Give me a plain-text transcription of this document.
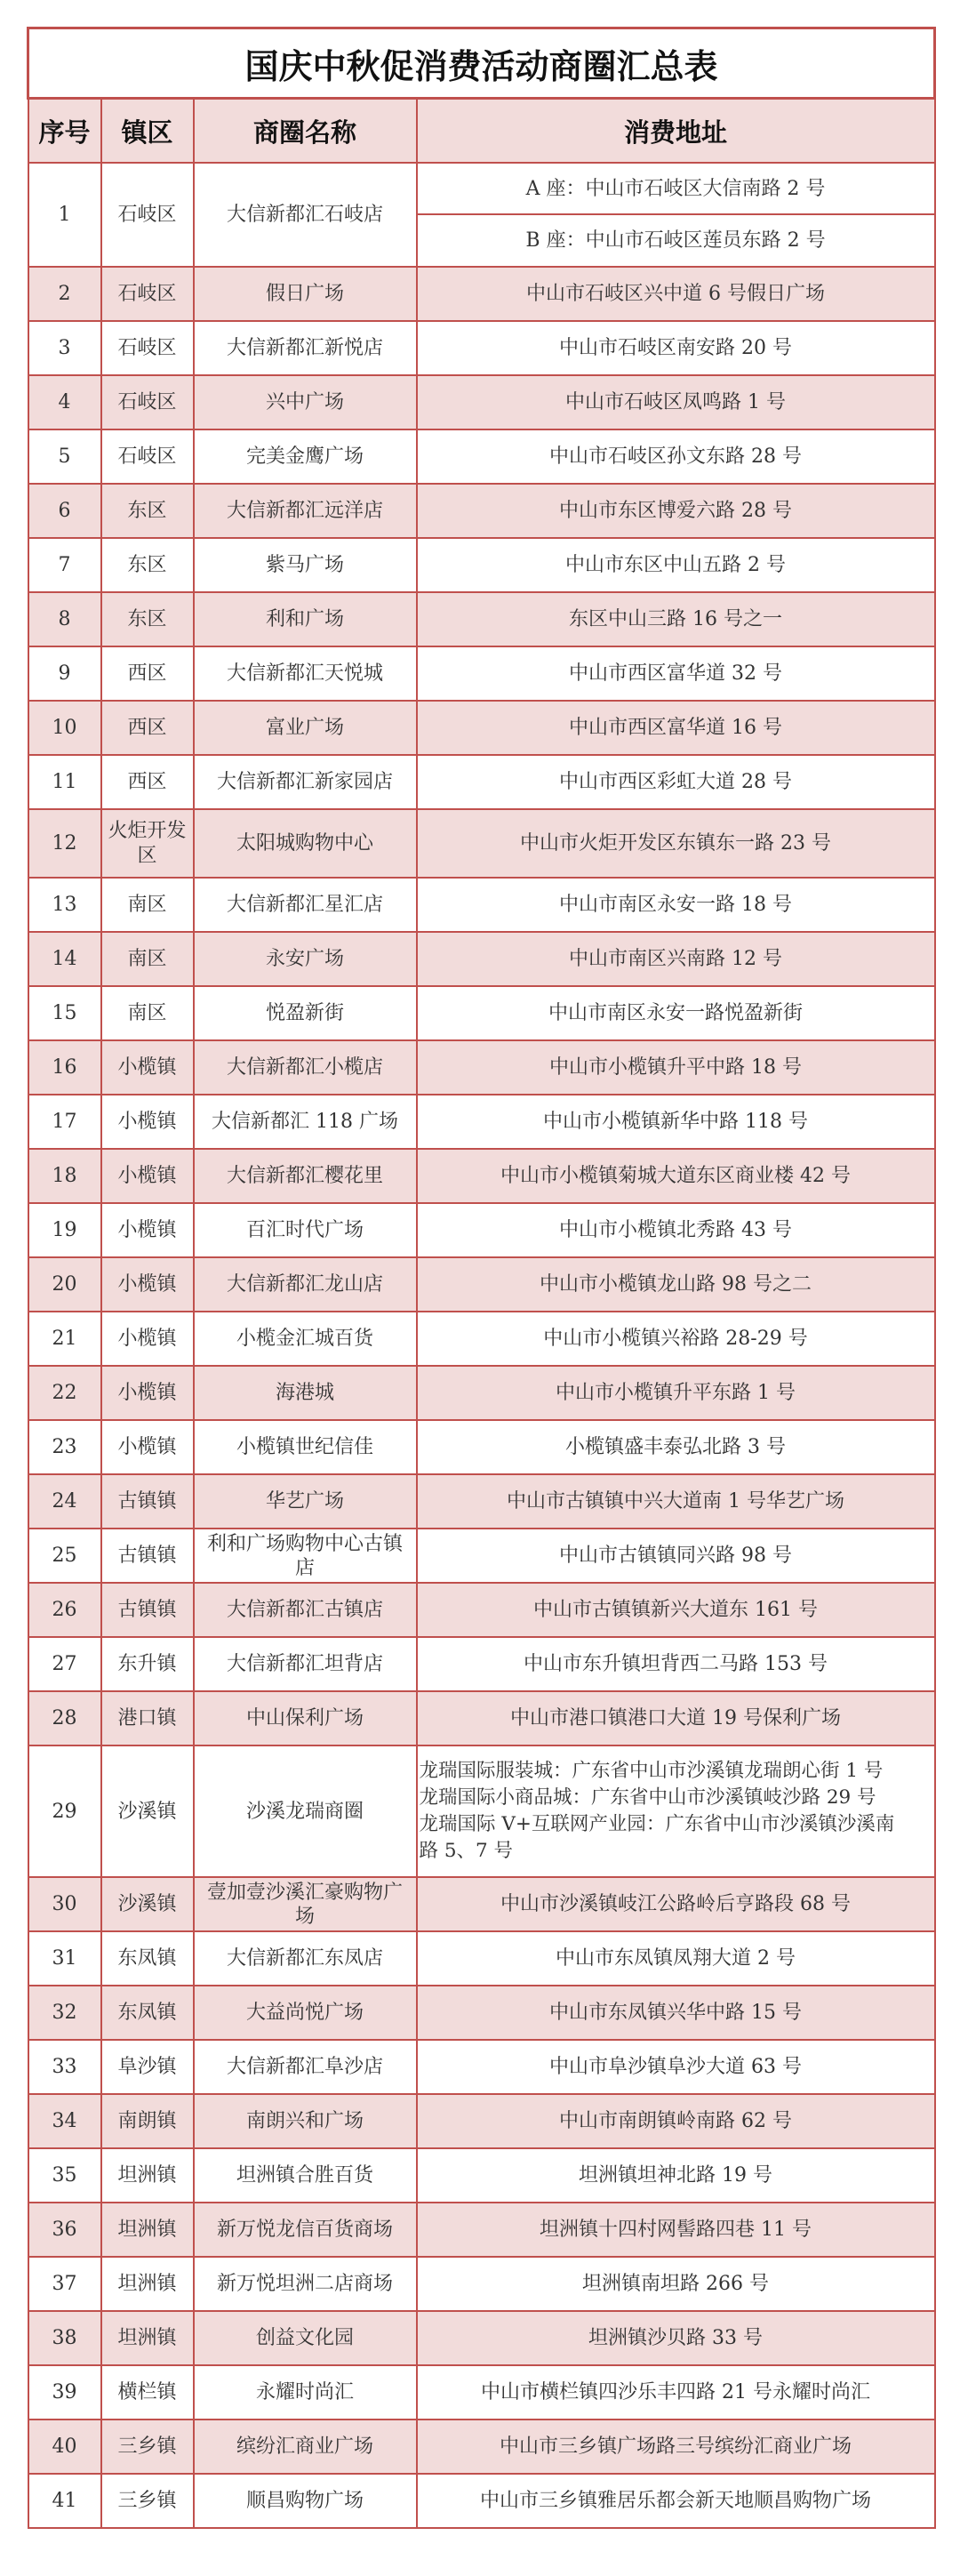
国庆中秋促消费活动商圈汇总表			
序号	镇区	商圈名称	消费地址
1	石岐区	大信新都汇石岐店	A 座：中山市石岐区大信南路 2 号
			B 座：中山市石岐区莲员东路 2 号
2	石岐区	假日广场	中山市石岐区兴中道 6 号假日广场
3	石岐区	大信新都汇新悦店	中山市石岐区南安路 20 号
4	石岐区	兴中广场	中山市石岐区凤鸣路 1 号
5	石岐区	完美金鹰广场	中山市石岐区孙文东路 28 号
6	东区	大信新都汇远洋店	中山市东区博爱六路 28 号
7	东区	紫马广场	中山市东区中山五路 2 号
8	东区	利和广场	东区中山三路 16 号之一
9	西区	大信新都汇天悦城	中山市西区富华道 32 号
10	西区	富业广场	中山市西区富华道 16 号
11	西区	大信新都汇新家园店	中山市西区彩虹大道 28 号
12	火炬开发区	太阳城购物中心	中山市火炬开发区东镇东一路 23 号
13	南区	大信新都汇星汇店	中山市南区永安一路 18 号
14	南区	永安广场	中山市南区兴南路 12 号
15	南区	悦盈新街	中山市南区永安一路悦盈新街
16	小榄镇	大信新都汇小榄店	中山市小榄镇升平中路 18 号
17	小榄镇	大信新都汇 118 广场	中山市小榄镇新华中路 118 号
18	小榄镇	大信新都汇樱花里	中山市小榄镇菊城大道东区商业楼 42 号
19	小榄镇	百汇时代广场	中山市小榄镇北秀路 43 号
20	小榄镇	大信新都汇龙山店	中山市小榄镇龙山路 98 号之二
21	小榄镇	小榄金汇城百货	中山市小榄镇兴裕路 28-29 号
22	小榄镇	海港城	中山市小榄镇升平东路 1 号
23	小榄镇	小榄镇世纪信佳	小榄镇盛丰泰弘北路 3 号
24	古镇镇	华艺广场	中山市古镇镇中兴大道南 1 号华艺广场
25	古镇镇	利和广场购物中心古镇店	中山市古镇镇同兴路 98 号
26	古镇镇	大信新都汇古镇店	中山市古镇镇新兴大道东 161 号
27	东升镇	大信新都汇坦背店	中山市东升镇坦背西二马路 153 号
28	港口镇	中山保利广场	中山市港口镇港口大道 19 号保利广场
29	沙溪镇	沙溪龙瑞商圈	龙瑞国际服装城：广东省中山市沙溪镇龙瑞朗心街 1 号
龙瑞国际小商品城：广东省中山市沙溪镇岐沙路 29 号
龙瑞国际 V+互联网产业园：广东省中山市沙溪镇沙溪南
路 5、7 号

30	沙溪镇	壹加壹沙溪汇豪购物广场	中山市沙溪镇岐江公路岭后亨路段 68 号
31	东凤镇	大信新都汇东凤店	中山市东凤镇凤翔大道 2 号
32	东凤镇	大益尚悦广场	中山市东凤镇兴华中路 15 号
33	阜沙镇	大信新都汇阜沙店	中山市阜沙镇阜沙大道 63 号
34	南朗镇	南朗兴和广场	中山市南朗镇岭南路 62 号
35	坦洲镇	坦洲镇合胜百货	坦洲镇坦神北路 19 号
36	坦洲镇	新万悦龙信百货商场	坦洲镇十四村网髻路四巷 11 号
37	坦洲镇	新万悦坦洲二店商场	坦洲镇南坦路 266 号
38	坦洲镇	创益文化园	坦洲镇沙贝路 33 号
39	横栏镇	永耀时尚汇	中山市横栏镇四沙乐丰四路 21 号永耀时尚汇
40	三乡镇	缤纷汇商业广场	中山市三乡镇广场路三号缤纷汇商业广场
41	三乡镇	顺昌购物广场	中山市三乡镇雅居乐都会新天地顺昌购物广场
